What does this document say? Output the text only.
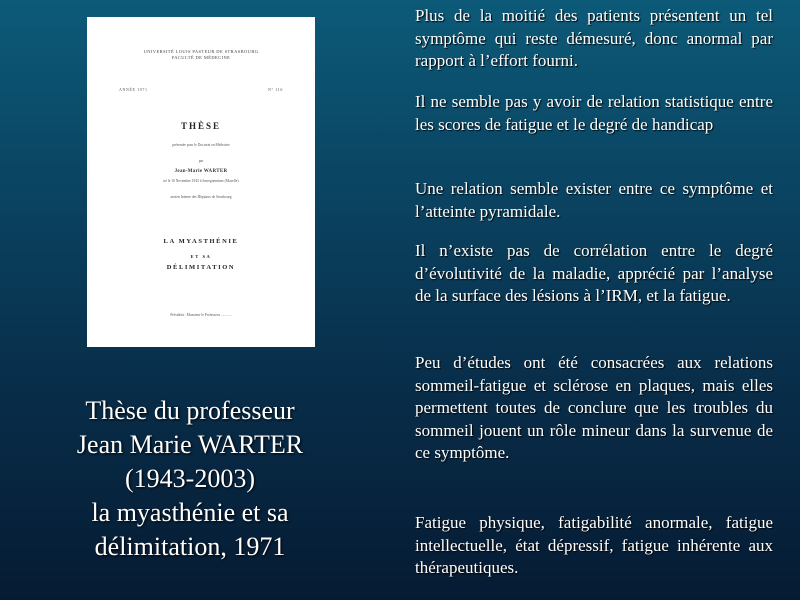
UNIVERSITÉ LOUIS PASTEUR DE STRASBOURG
FACULTÉ DE MÉDECINE
ANNÉE 1971	N° 116
THÈSE
présentée pour le Doctorat en Médecine
par
Jean-Marie WARTER
né le 10 Novembre 1943 à Sarreguemines (Moselle)
ancien Interne des Hôpitaux de Strasbourg
LA MYASTHÉNIE
ET SA
DÉLIMITATION
Président : Monsieur le Professeur ............
Thèse du professeur
Jean Marie WARTER
(1943-2003)
la myasthénie et sa
délimitation, 1971
Plus de la moitié des patients présentent un tel symptôme qui reste démesuré, donc anormal par rapport à l’effort fourni.
Il ne semble pas y avoir de relation statistique entre les scores de fatigue et le degré de handicap
Une relation semble exister entre ce symptôme et l’atteinte pyramidale.
Il n’existe pas de corrélation entre le degré d’évolutivité de la maladie, apprécié par l’analyse de la surface des lésions à l’IRM, et la fatigue.
Peu d’études ont été consacrées aux relations sommeil-fatigue et sclérose en plaques, mais elles permettent toutes de conclure que les troubles du sommeil jouent un rôle mineur dans la survenue de ce symptôme.
Fatigue physique, fatigabilité anormale, fatigue intellectuelle, état dépressif, fatigue inhérente aux thérapeutiques.
